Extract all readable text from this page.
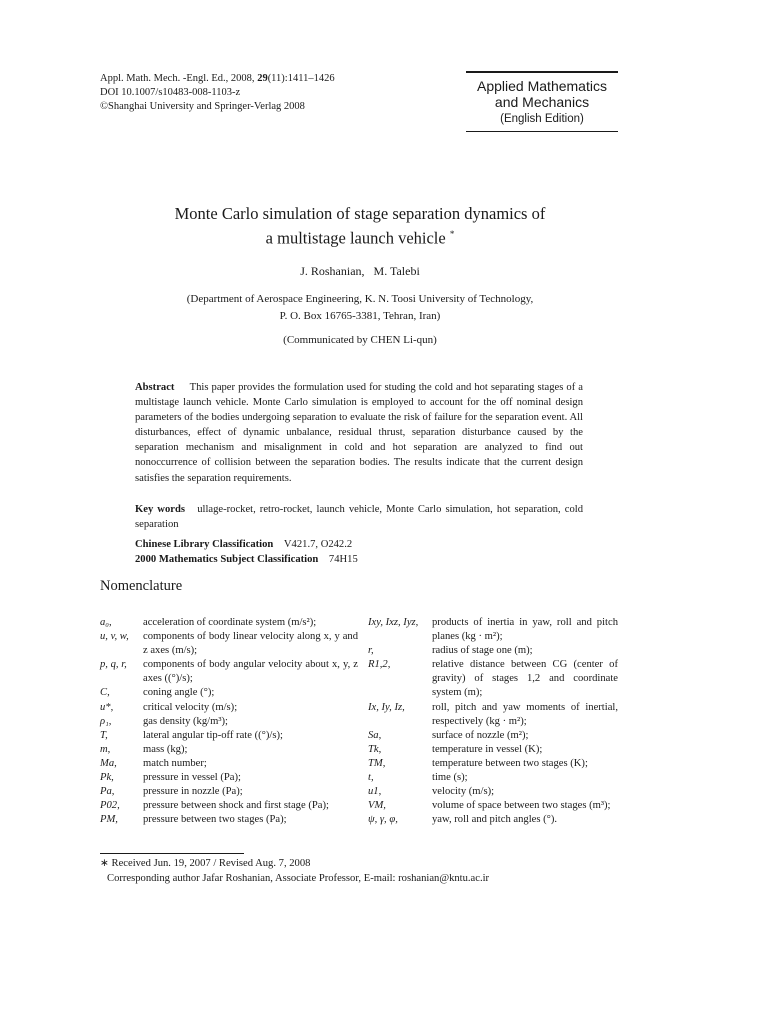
Appl. Math. Mech. -Engl. Ed., 2008, 29(11):1411–1426
DOI 10.1007/s10483-008-1103-z
©Shanghai University and Springer-Verlag 2008
Applied Mathematics
and Mechanics
(English Edition)
Monte Carlo simulation of stage separation dynamics of
a multistage launch vehicle *
J. Roshanian,   M. Talebi
(Department of Aerospace Engineering, K. N. Toosi University of Technology,
P. O. Box 16765-3381, Tehran, Iran)
(Communicated by CHEN Li-qun)
Abstract This paper provides the formulation used for studing the cold and hot separating stages of a multistage launch vehicle. Monte Carlo simulation is employed to account for the off nominal design parameters of the bodies undergoing separation to evaluate the risk of failure for the separation event. All disturbances, effect of dynamic unbalance, residual thrust, separation disturbance caused by the separation mechanism and misalignment in cold and hot separation are analyzed to find out nonoccurrence of collision between the separation bodies. The results indicate that the current design satisfies the separation requirements.
Key words ullage-rocket, retro-rocket, launch vehicle, Monte Carlo simulation, hot separation, cold separation
Chinese Library Classification V421.7, O242.2
2000 Mathematics Subject Classification 74H15
Nomenclature
a₀,	acceleration of coordinate system (m/s²);
u, v, w,	components of body linear velocity along x, y and z axes (m/s);
p, q, r,	components of body angular velocity about x, y, z axes ((°)/s);
C,	coning angle (°);
u*,	critical velocity (m/s);
ρ₁,	gas density (kg/m³);
T,	lateral angular tip-off rate ((°)/s);
m,	mass (kg);
Ma,	match number;
Pk,	pressure in vessel (Pa);
Pa,	pressure in nozzle (Pa);
P02,	pressure between shock and first stage (Pa);
PM,	pressure between two stages (Pa);
Ixy, Ixz, Iyz,	products of inertia in yaw, roll and pitch planes (kg · m²);
r,	radius of stage one (m);
R1,2,	relative distance between CG (center of gravity) of stages 1,2 and coordinate system (m);
Ix, Iy, Iz,	roll, pitch and yaw moments of inertial, respectively (kg · m²);
Sa,	surface of nozzle (m²);
Tk,	temperature in vessel (K);
TM,	temperature between two stages (K);
t,	time (s);
u1,	velocity (m/s);
VM,	volume of space between two stages (m³);
ψ, γ, φ,	yaw, roll and pitch angles (°).
∗ Received Jun. 19, 2007 / Revised Aug. 7, 2008
Corresponding author Jafar Roshanian, Associate Professor, E-mail: roshanian@kntu.ac.ir
